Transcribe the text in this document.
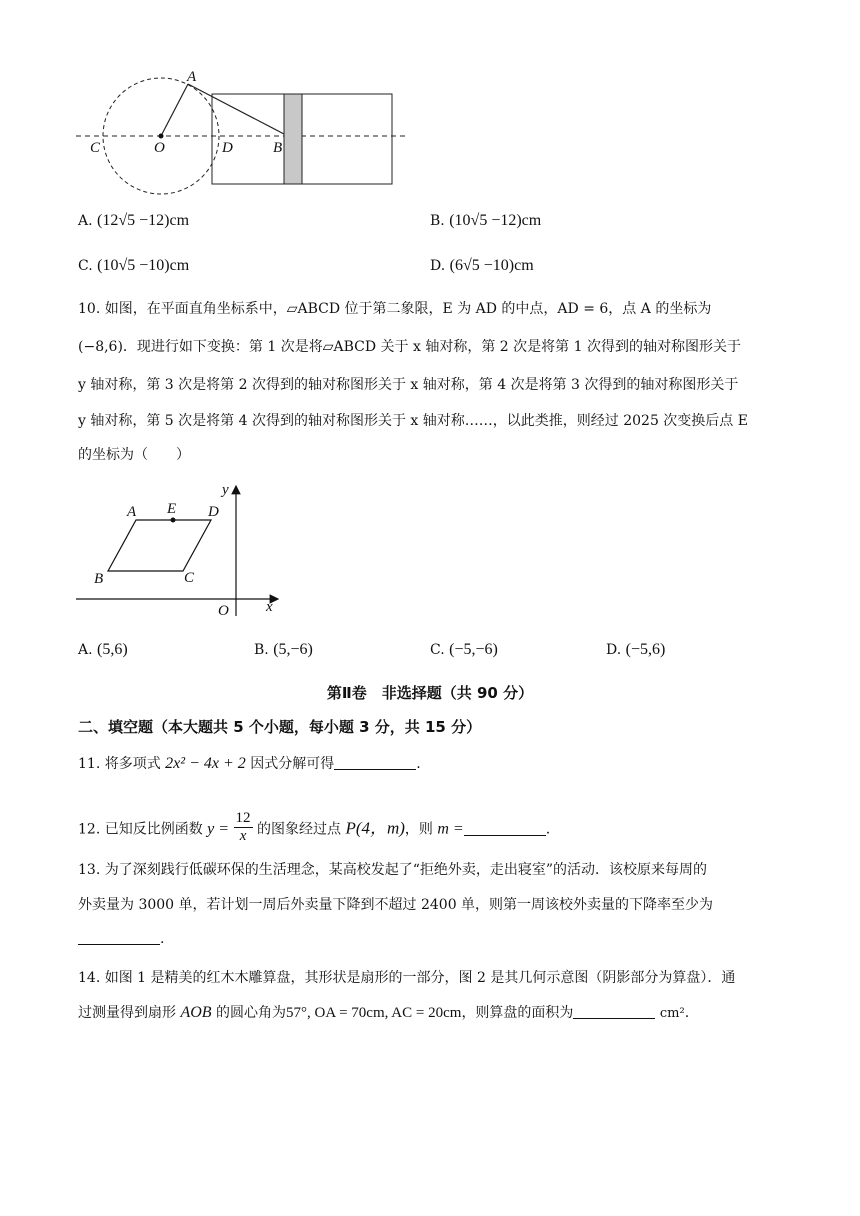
A
C	O	D	B
A. (12√5 −12)cm	B. (10√5 −12)cm
C. (10√5 −10)cm	D. (6√5 −10)cm
10. 如图，在平面直角坐标系中，▱ABCD 位于第二象限，E 为 AD 的中点，AD = 6，点 A 的坐标为
(−8,6)．现进行如下变换：第 1 次是将▱ABCD 关于 x 轴对称，第 2 次是将第 1 次得到的轴对称图形关于
y 轴对称，第 3 次是将第 2 次得到的轴对称图形关于 x 轴对称，第 4 次是将第 3 次得到的轴对称图形关于
y 轴对称，第 5 次是将第 4 次得到的轴对称图形关于 x 轴对称……，以此类推，则经过 2025 次变换后点 E
的坐标为（　　）
A E D
B	C
O x
y
A. (5,6)	B. (5,−6)	C. (−5,−6)	D. (−5,6)
第Ⅱ卷　非选择题（共 90 分）
二、填空题（本大题共 5 个小题，每小题 3 分，共 15 分）
11. 将多项式 2x² − 4x + 2 因式分解可得	.
12. 已知反比例函数 $y = \frac{12}{x}$ 的图象经过点 P(4，m)，则 m =	.
13. 为了深刻践行低碳环保的生活理念，某高校发起了“拒绝外卖，走出寝室”的活动．该校原来每周的
外卖量为 3000 单，若计划一周后外卖量下降到不超过 2400 单，则第一周该校外卖量的下降率至少为
.
14. 如图 1 是精美的红木木雕算盘，其形状是扇形的一部分，图 2 是其几何示意图（阴影部分为算盘）．通
过测量得到扇形 AOB 的圆心角为57°, OA = 70cm, AC = 20cm，则算盘的面积为	cm².
